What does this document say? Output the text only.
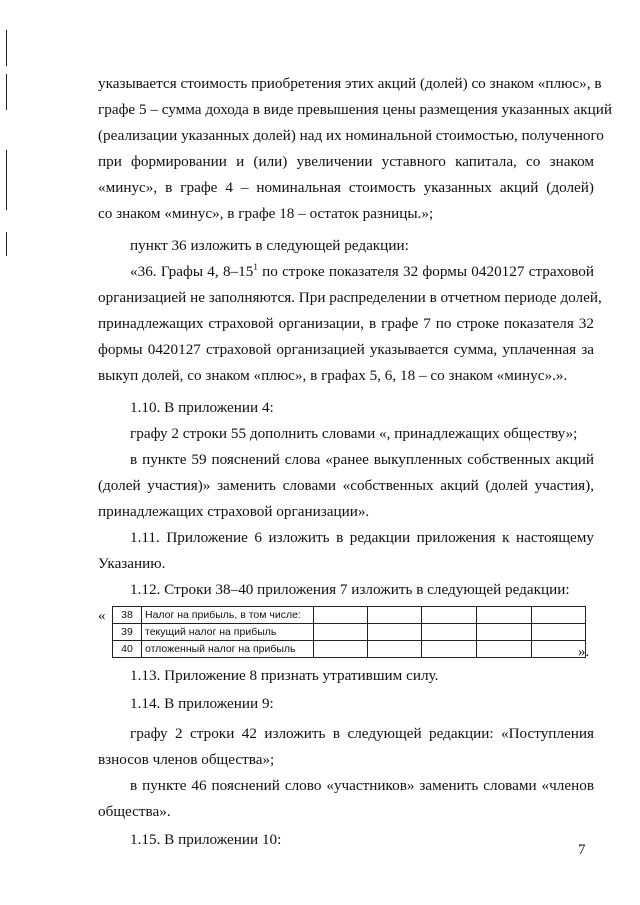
указывается стоимость приобретения этих акций (долей) со знаком «плюс», в
графе 5 – сумма дохода в виде превышения цены размещения указанных акций
(реализации указанных долей) над их номинальной стоимостью, полученного
при формировании и (или) увеличении уставного капитала, со знаком
«минус», в графе 4 – номинальная стоимость указанных акций (долей)
со знаком «минус», в графе 18 – остаток разницы.»;
пункт 36 изложить в следующей редакции:
«36. Графы 4, $8-15^1$ по строке показателя 32 формы 0420127 страховой
организацией не заполняются. При распределении в отчетном периоде долей,
принадлежащих страховой организации, в графе 7 по строке показателя 32
формы 0420127 страховой организацией указывается сумма, уплаченная за
выкуп долей, со знаком «плюс», в графах 5, 6, 18 – со знаком «минус».».
1.10. В приложении 4:
графу 2 строки 55 дополнить словами «, принадлежащих обществу»;
в пункте 59 пояснений слова «ранее выкупленных собственных акций
(долей участия)» заменить словами «собственных акций (долей участия),
принадлежащих страховой организации».
1.11. Приложение 6 изложить в редакции приложения к настоящему
Указанию.
1.12. Строки 38–40 приложения 7 изложить в следующей редакции:
« 38	Налог на прибыль, в том числе:					
39	текущий налог на прибыль					
40	отложенный налог на прибыль						».
1.13. Приложение 8 признать утратившим силу.
1.14. В приложении 9:
графу 2 строки 42 изложить в следующей редакции: «Поступления
взносов членов общества»;
в пункте 46 пояснений слово «участников» заменить словами «членов
общества».
1.15. В приложении 10:
7
